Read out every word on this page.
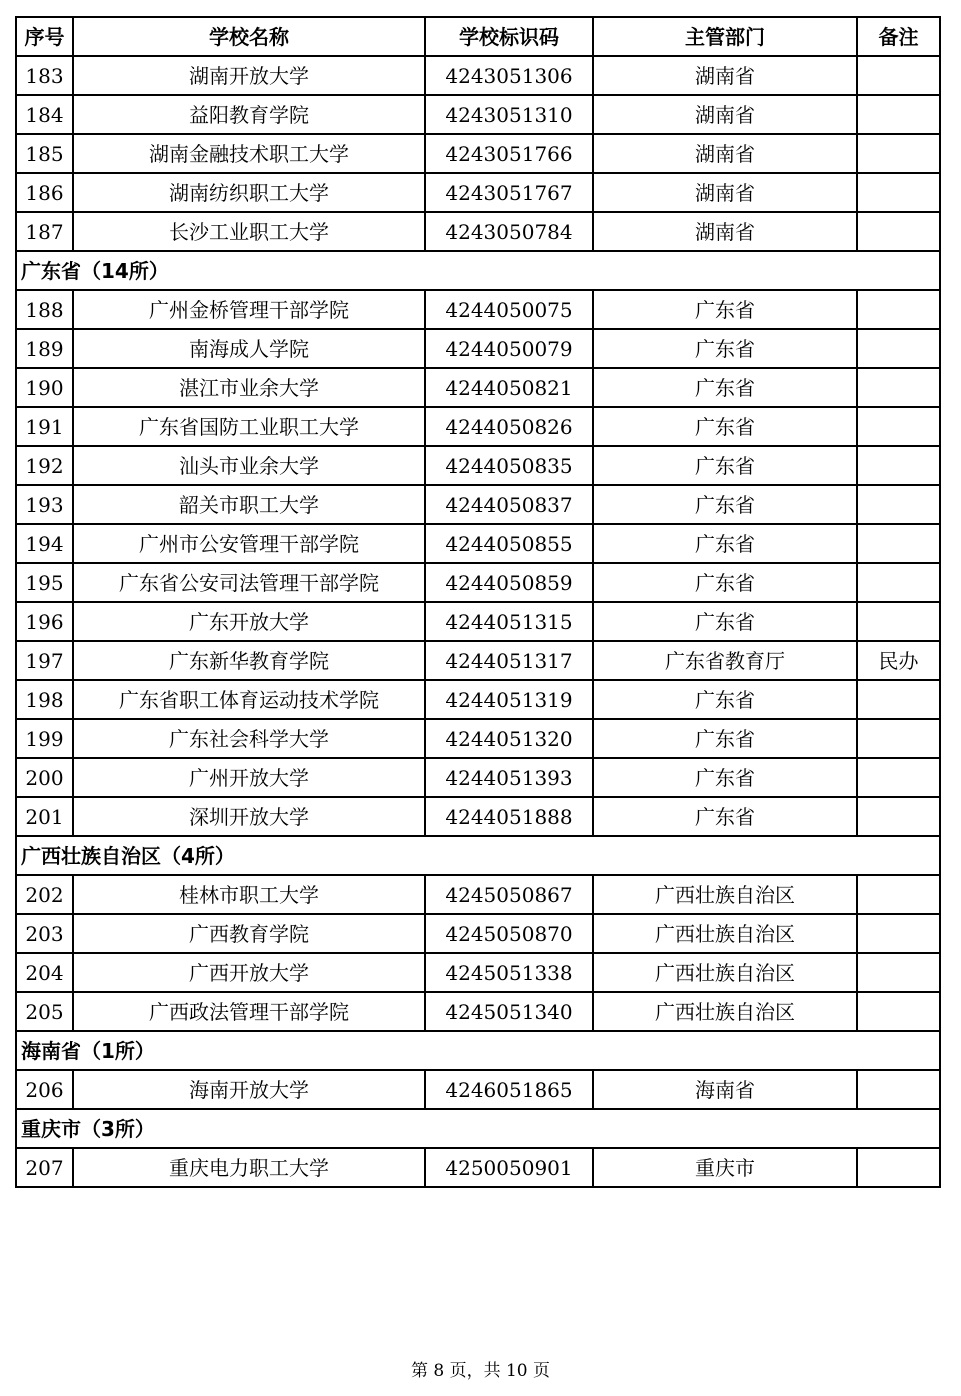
序号	学校名称	学校标识码	主管部门	备注
183	湖南开放大学	4243051306	湖南省	
184	益阳教育学院	4243051310	湖南省	
185	湖南金融技术职工大学	4243051766	湖南省	
186	湖南纺织职工大学	4243051767	湖南省	
187	长沙工业职工大学	4243050784	湖南省	
广东省（14所）				
188	广州金桥管理干部学院	4244050075	广东省	
189	南海成人学院	4244050079	广东省	
190	湛江市业余大学	4244050821	广东省	
191	广东省国防工业职工大学	4244050826	广东省	
192	汕头市业余大学	4244050835	广东省	
193	韶关市职工大学	4244050837	广东省	
194	广州市公安管理干部学院	4244050855	广东省	
195	广东省公安司法管理干部学院	4244050859	广东省	
196	广东开放大学	4244051315	广东省	
197	广东新华教育学院	4244051317	广东省教育厅	民办
198	广东省职工体育运动技术学院	4244051319	广东省	
199	广东社会科学大学	4244051320	广东省	
200	广州开放大学	4244051393	广东省	
201	深圳开放大学	4244051888	广东省	
广西壮族自治区（4所）				
202	桂林市职工大学	4245050867	广西壮族自治区	
203	广西教育学院	4245050870	广西壮族自治区	
204	广西开放大学	4245051338	广西壮族自治区	
205	广西政法管理干部学院	4245051340	广西壮族自治区	
海南省（1所）				
206	海南开放大学	4246051865	海南省	
重庆市（3所）				
207	重庆电力职工大学	4250050901	重庆市	
第 8 页，共 10 页
